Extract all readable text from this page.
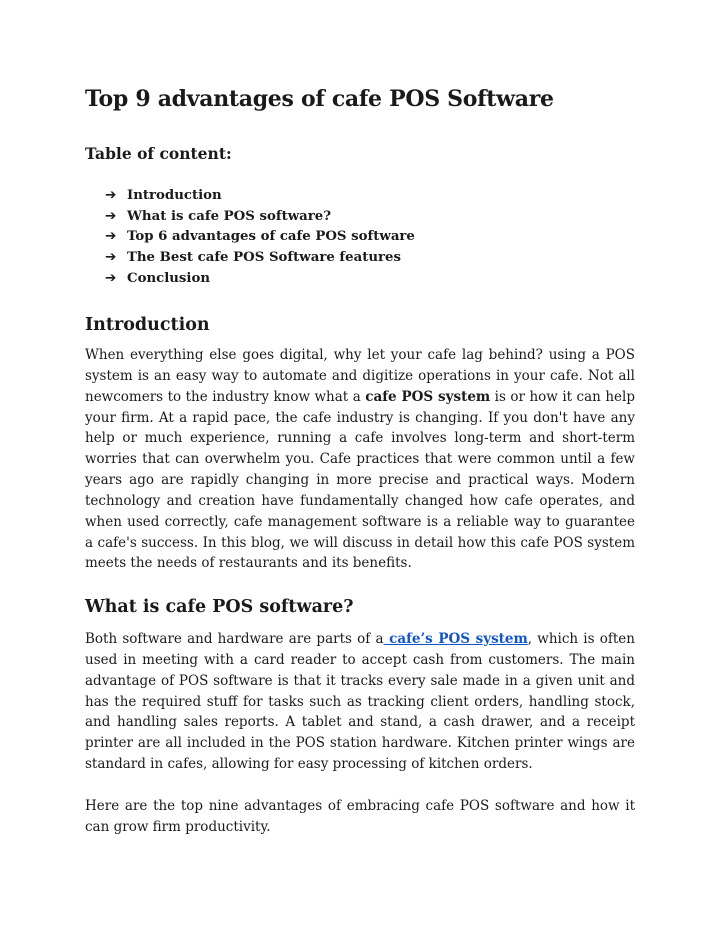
Top 9 advantages of cafe POS Software

Table of content:

➔ Introduction
➔ What is cafe POS software?
➔ Top 6 advantages of cafe POS software
➔ The Best cafe POS Software features
➔ Conclusion
Introduction

When everything else goes digital, why let your cafe lag behind? using a POS system is an easy way to automate and digitize operations in your cafe. Not all newcomers to the industry know what a cafe POS system is or how it can help your firm. At a rapid pace, the cafe industry is changing. If you don't have any help or much experience, running a cafe involves long-term and short-term worries that can overwhelm you. Cafe practices that were common until a few years ago are rapidly changing in more precise and practical ways. Modern technology and creation have fundamentally changed how cafe operates, and when used correctly, cafe management software is a reliable way to guarantee a cafe's success. In this blog, we will discuss in detail how this cafe POS system meets the needs of restaurants and its benefits.

What is cafe POS software?

Both software and hardware are parts of a cafe’s POS system, which is often used in meeting with a card reader to accept cash from customers. The main advantage of POS software is that it tracks every sale made in a given unit and has the required stuff for tasks such as tracking client orders, handling stock, and handling sales reports. A tablet and stand, a cash drawer, and a receipt printer are all included in the POS station hardware. Kitchen printer wings are standard in cafes, allowing for easy processing of kitchen orders.

Here are the top nine advantages of embracing cafe POS software and how it can grow firm productivity.
